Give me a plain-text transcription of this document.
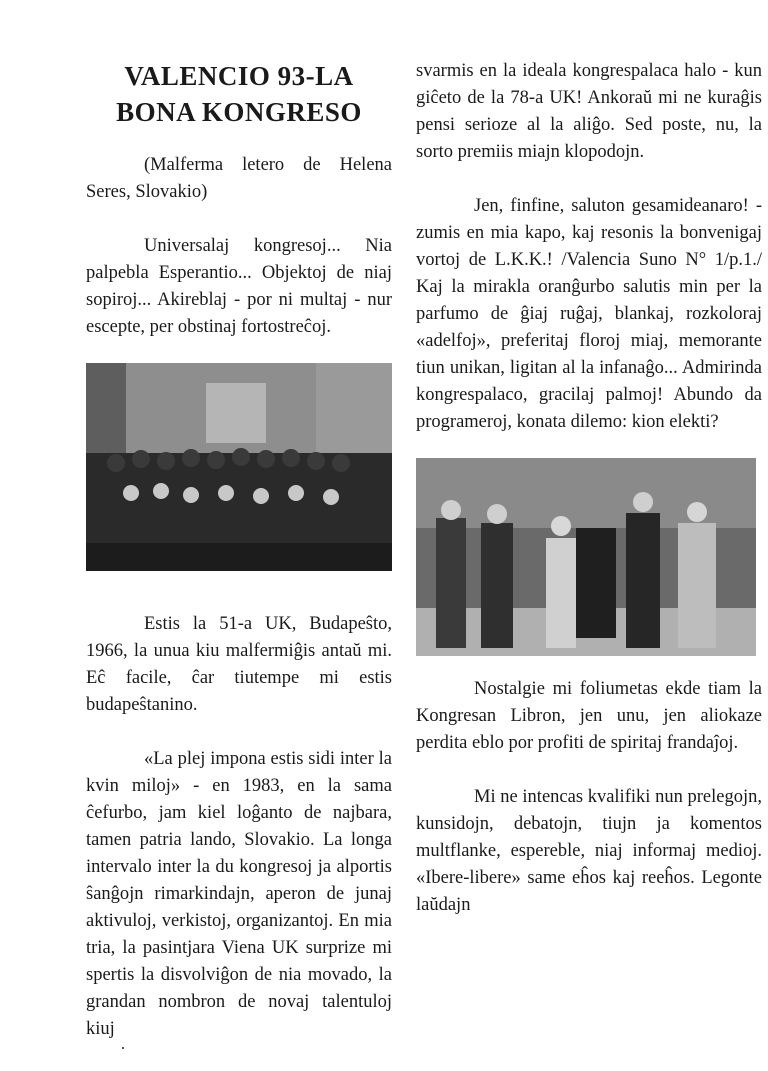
VALENCIO 93-LA
BONA KONGRESO

(Malferma letero de Helena Seres, Slovakio)

Universalaj kongresoj... Nia palpebla Esperantio... Objektoj de niaj sopiroj... Akireblaj - por ni multaj - nur escepte, per obstinaj fortostreĉoj.

Estis la 51-a UK, Budapeŝto, 1966, la unua kiu malfermiĝis antaŭ mi. Eĉ facile, ĉar tiutempe mi estis budapeŝtanino.

«La plej impona estis sidi inter la kvin miloj» - en 1983, en la sama ĉefurbo, jam kiel loĝanto de najbara, tamen patria lando, Slovakio. La longa intervalo inter la du kongresoj ja alportis ŝanĝojn rimarkindajn, aperon de junaj aktivuloj, verkistoj, organizantoj. En mia tria, la pasintjara Viena UK surprize mi spertis la disvolviĝon de nia movado, la grandan nombron de novaj talentuloj kiuj

svarmis en la ideala kongrespalaca halo - kun giĉeto de la 78-a UK! Ankoraŭ mi ne kuraĝis pensi serioze al la aliĝo. Sed poste, nu, la sorto premiis miajn klopodojn.

Jen, finfine, saluton gesamideanaro! - zumis en mia kapo, kaj resonis la bonvenigaj vortoj de L.K.K.! /Valencia Suno N° 1/p.1./ Kaj la mirakla oranĝurbo salutis min per la parfumo de ĝiaj ruĝaj, blankaj, rozkoloraj «adelfoj», preferitaj floroj miaj, memorante tiun unikan, ligitan al la infanaĝo... Admirinda kongrespalaco, gracilaj palmoj! Abundo da programeroj, konata dilemo: kion elekti?

Nostalgie mi foliumetas ekde tiam la Kongresan Libron, jen unu, jen aliokaze perdita eblo por profiti de spiritaj frandaĵoj.

Mi ne intencas kvalifiki nun prelegojn, kunsidojn, debatojn, tiujn ja komentos multflanke, espereble, niaj informaj medioj. «Ibere-libere» same eĥos kaj reeĥos. Legonte laŭdajn
